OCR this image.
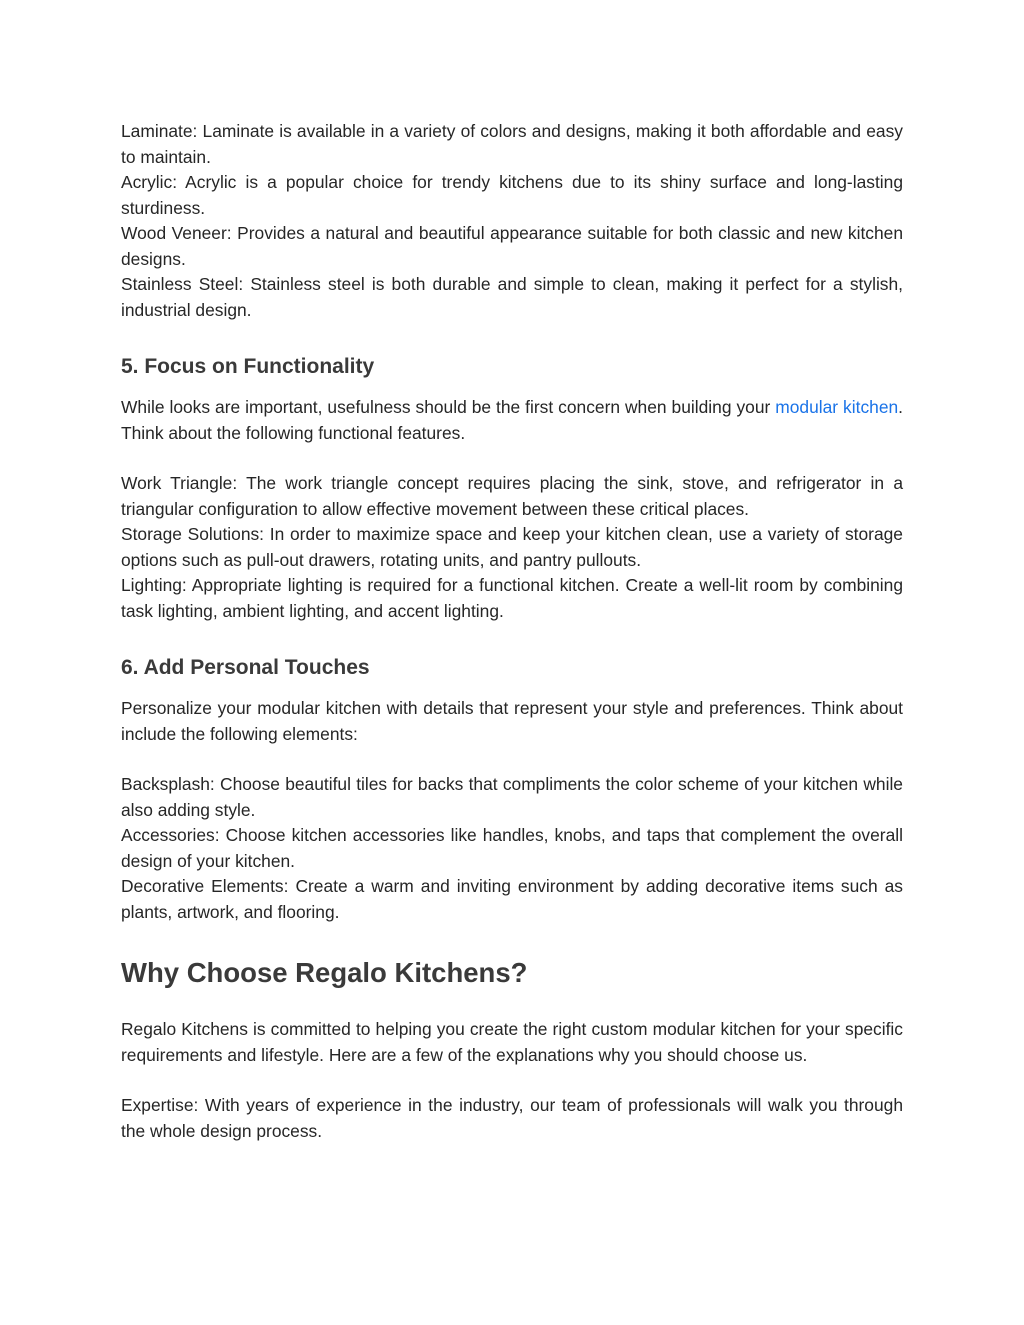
Laminate: Laminate is available in a variety of colors and designs, making it both affordable and easy to maintain.

Acrylic: Acrylic is a popular choice for trendy kitchens due to its shiny surface and long-lasting sturdiness.

Wood Veneer: Provides a natural and beautiful appearance suitable for both classic and new kitchen designs.

Stainless Steel: Stainless steel is both durable and simple to clean, making it perfect for a stylish, industrial design.

5. Focus on Functionality

While looks are important, usefulness should be the first concern when building your modular kitchen. Think about the following functional features.

Work Triangle: The work triangle concept requires placing the sink, stove, and refrigerator in a triangular configuration to allow effective movement between these critical places.

Storage Solutions: In order to maximize space and keep your kitchen clean, use a variety of storage options such as pull-out drawers, rotating units, and pantry pullouts.

Lighting: Appropriate lighting is required for a functional kitchen. Create a well-lit room by combining task lighting, ambient lighting, and accent lighting.

6. Add Personal Touches

Personalize your modular kitchen with details that represent your style and preferences. Think about include the following elements:

Backsplash: Choose beautiful tiles for backs that compliments the color scheme of your kitchen while also adding style.

Accessories: Choose kitchen accessories like handles, knobs, and taps that complement the overall design of your kitchen.

Decorative Elements: Create a warm and inviting environment by adding decorative items such as plants, artwork, and flooring.

Why Choose Regalo Kitchens?

Regalo Kitchens is committed to helping you create the right custom modular kitchen for your specific requirements and lifestyle. Here are a few of the explanations why you should choose us.

Expertise: With years of experience in the industry, our team of professionals will walk you through the whole design process.
